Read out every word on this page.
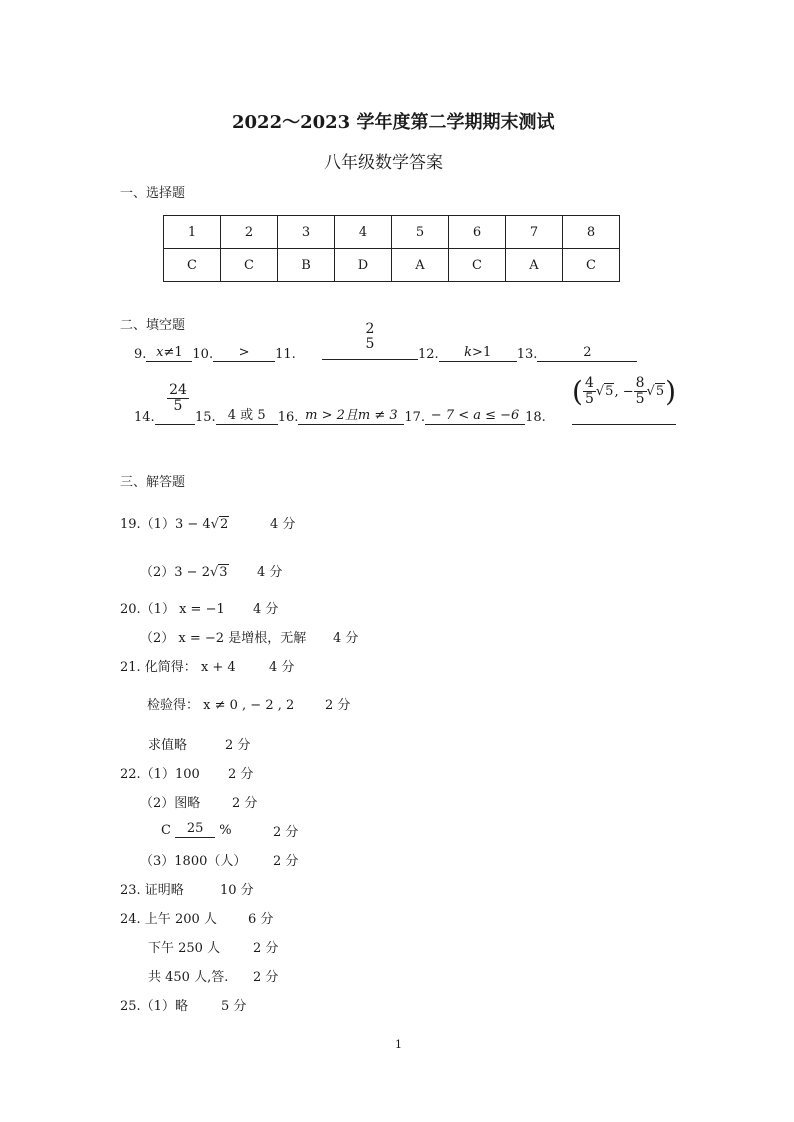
2022～2023 学年度第二学期期末测试
八年级数学答案
一、选择题
1	2	3	4	5	6	7	8
C	C	B	D	A	C	A	C
二、填空题
9. x≠1 10. > 11.
2
5
12. k>1 13.	2
14.
$\frac{24}{5}$
15. 4 或 5 16. m > 2且m ≠ 3 17. − 7 < a ≤ −6 18.
( $\frac{4}{5} √5$, − $\frac{8}{5} √5$)
三、解答题
19.（1）3 − 4√2	4 分
（2）3 − 2√3 4 分
20.（1） x = −1 4 分
（2） x = −2 是增根，无解 4 分
21. 化简得： x + 4	4 分
检验得： x ≠ 0 , − 2 , 2 2 分
求值略	2 分
22.（1）100 2 分
（2）图略 2 分
C 25 %	2 分
（3）1800（人） 2 分
23. 证明略	10 分
24. 上午 200 人 6 分
下午 250 人	2 分
共 450 人,答. 2 分
25.（1）略	5 分
1
